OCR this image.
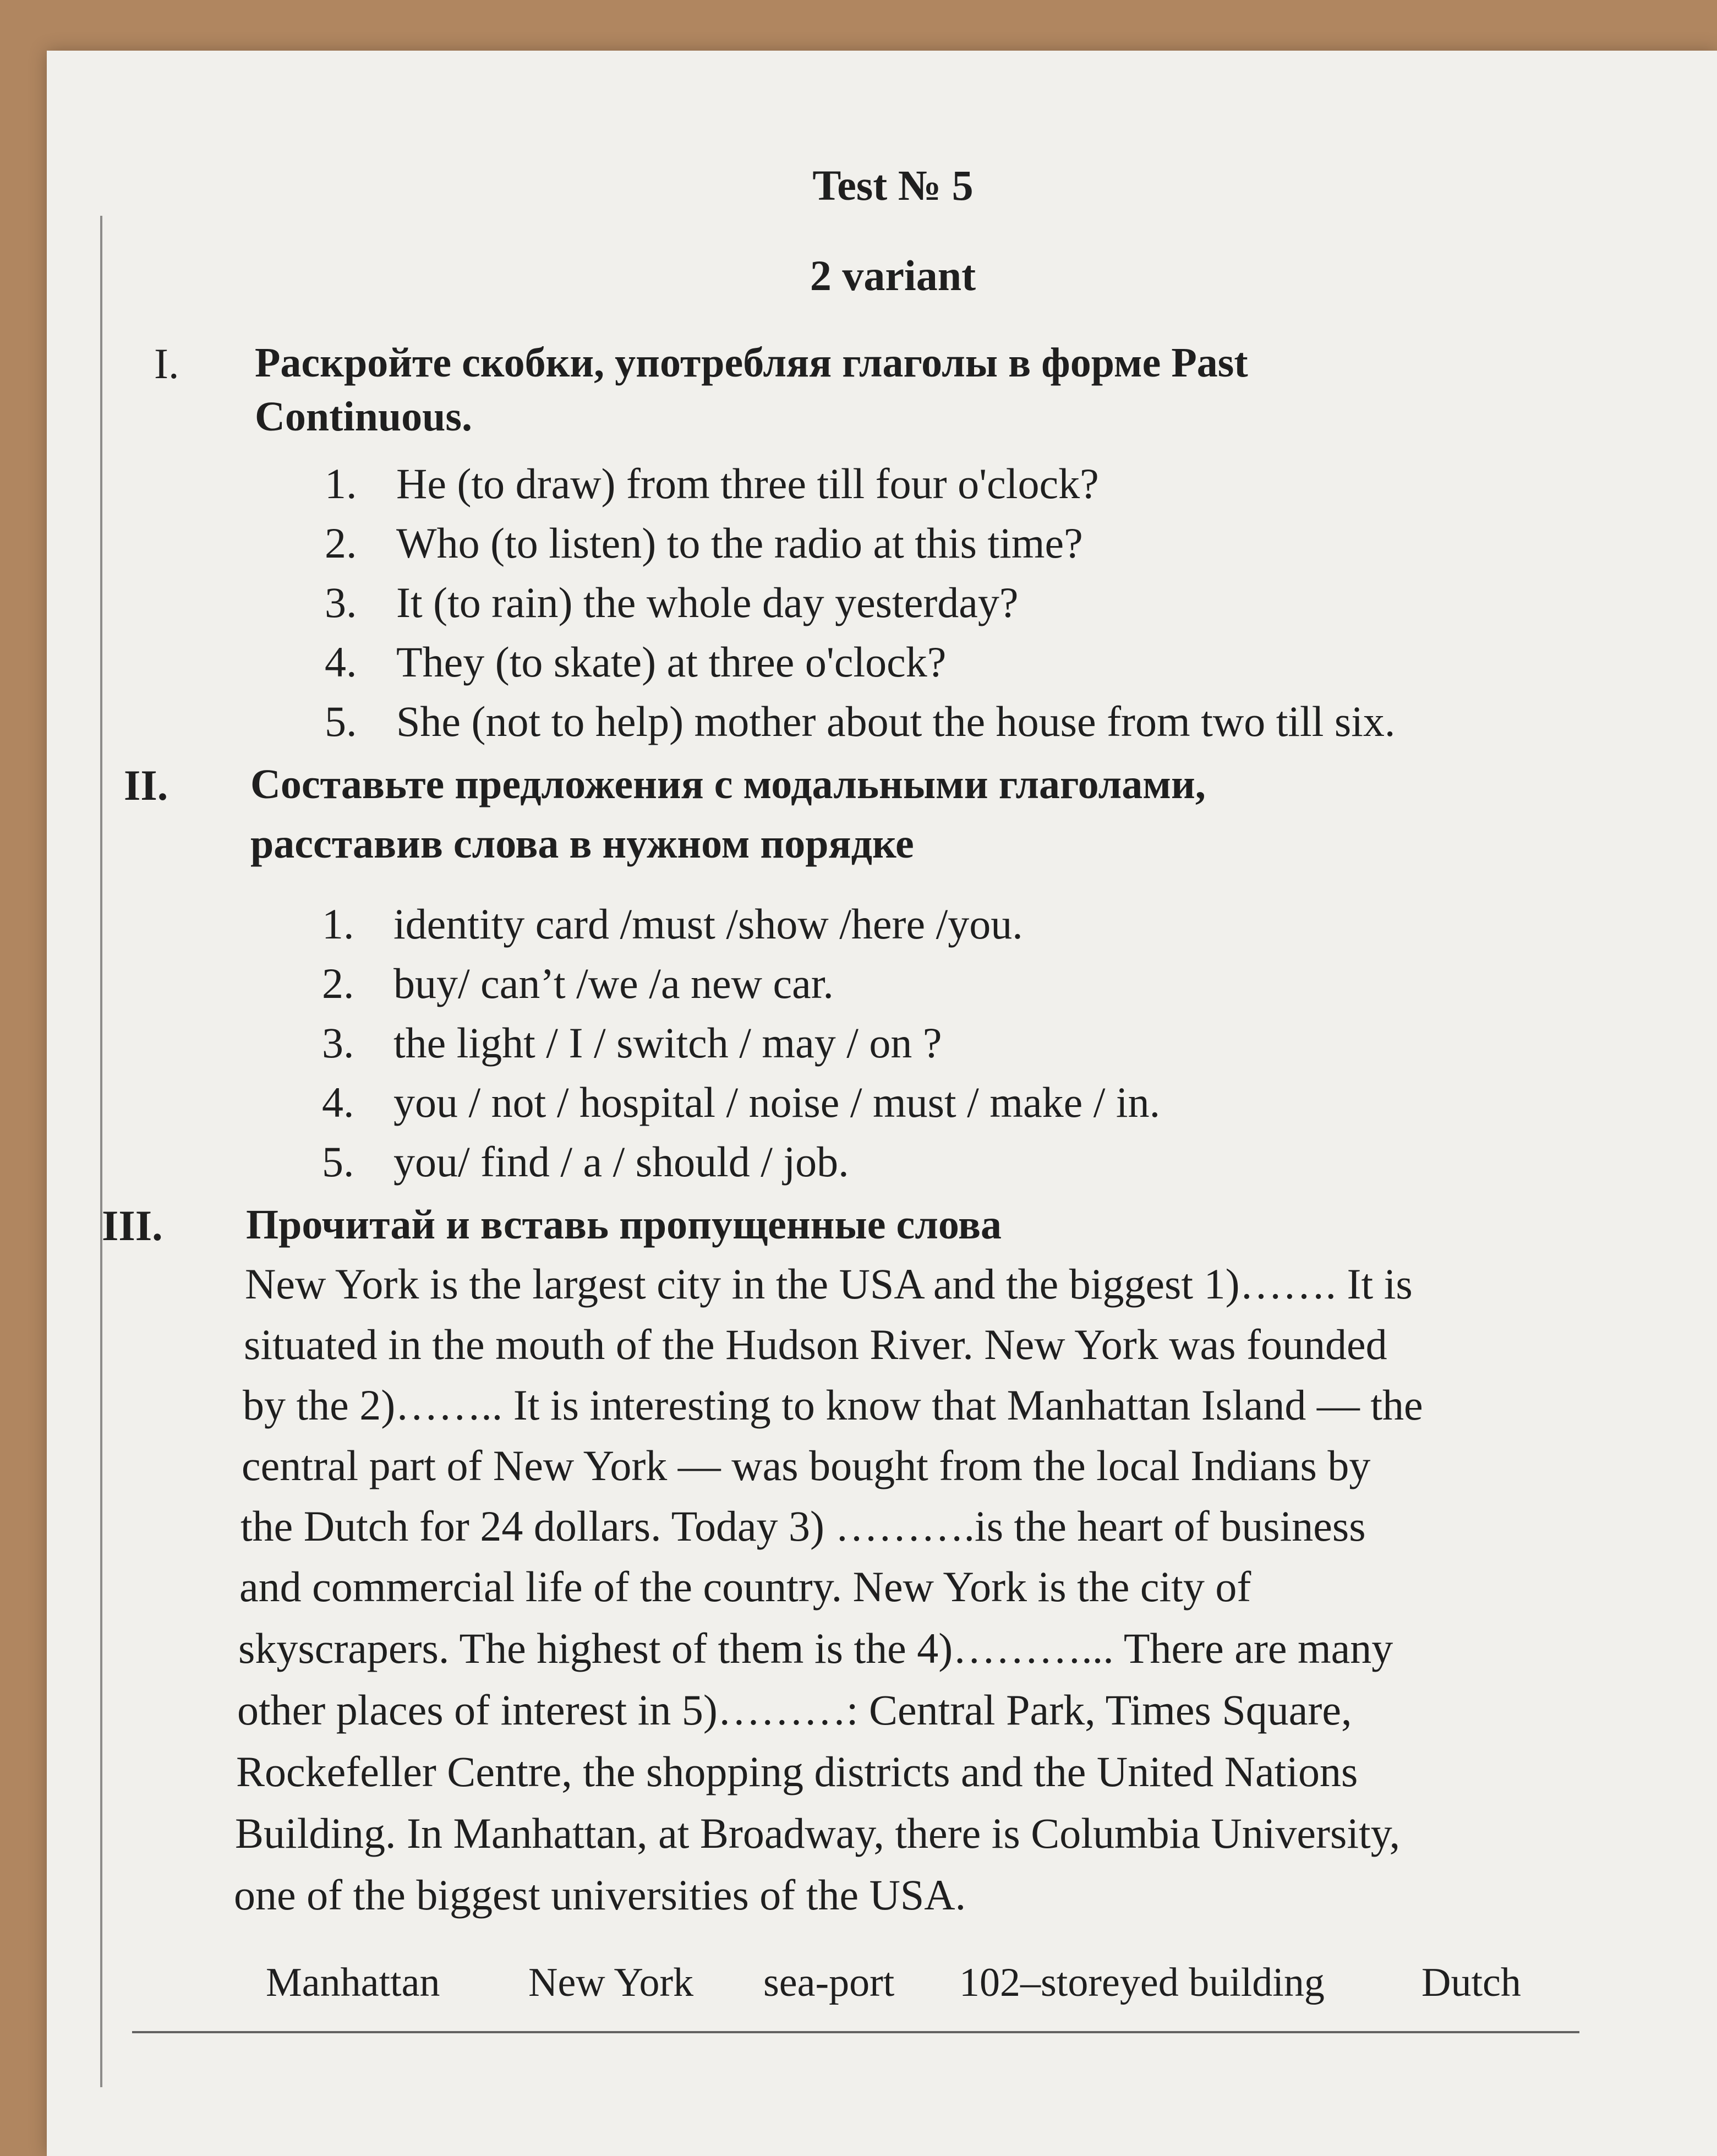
Test № 5
2 variant
I. Раскройте скобки, употребляя глаголы в форме Past
Continuous.
1. He (to draw) from three till four o'clock?
2. Who (to listen) to the radio at this time?
3. It (to rain) the whole day yesterday?
4. They (to skate) at three o'clock?
5. She (not to help) mother about the house from two till six.
II. Составьте предложения с модальными глаголами,
расставив слова в нужном порядке
1. identity card /must /show /here /you.
2. buy/ can’t /we /a new car.
3. the light / I / switch / may / on ?
4. you / not / hospital / noise / must / make / in.
5. you/ find / a / should / job.
III. Прочитай и вставь пропущенные слова
New York is the largest city in the USA and the biggest 1)……. It is
situated in the mouth of the Hudson River. New York was founded
by the 2)…….. It is interesting to know that Manhattan Island — the
central part of New York — was bought from the local Indians by
the Dutch for 24 dollars. Today 3) ……….is the heart of business
and commercial life of the country. New York is the city of
skyscrapers. The highest of them is the 4)………... There are many
other places of interest in 5)………: Central Park, Times Square,
Rockefeller Centre, the shopping districts and the United Nations
Building. In Manhattan, at Broadway, there is Columbia University,
one of the biggest universities of the USA.
Manhattan New York sea-port 102–storeyed building Dutch
